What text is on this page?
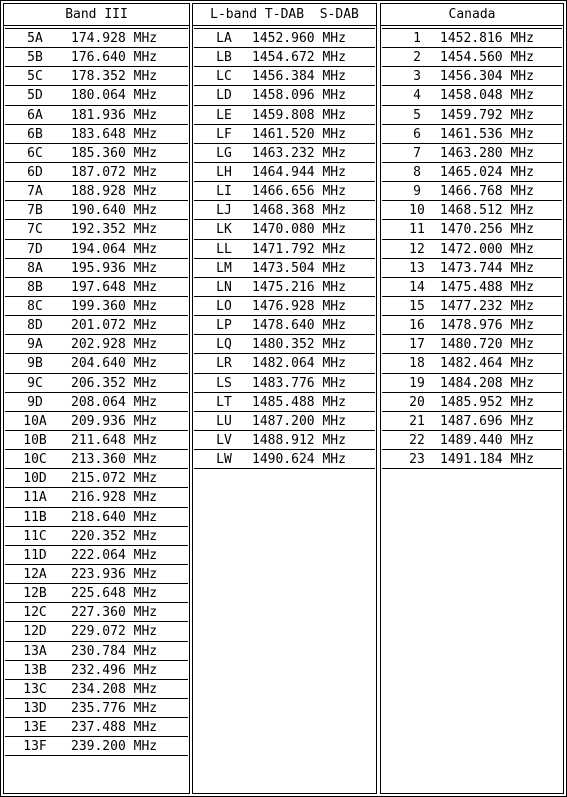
Band III
5A	174.928 MHz
5B	176.640 MHz
5C	178.352 MHz
5D	180.064 MHz
6A	181.936 MHz
6B	183.648 MHz
6C	185.360 MHz
6D	187.072 MHz
7A	188.928 MHz
7B	190.640 MHz
7C	192.352 MHz
7D	194.064 MHz
8A	195.936 MHz
8B	197.648 MHz
8C	199.360 MHz
8D	201.072 MHz
9A	202.928 MHz
9B	204.640 MHz
9C	206.352 MHz
9D	208.064 MHz
10A	209.936 MHz
10B	211.648 MHz
10C	213.360 MHz
10D	215.072 MHz
11A	216.928 MHz
11B	218.640 MHz
11C	220.352 MHz
11D	222.064 MHz
12A	223.936 MHz
12B	225.648 MHz
12C	227.360 MHz
12D	229.072 MHz
13A	230.784 MHz
13B	232.496 MHz
13C	234.208 MHz
13D	235.776 MHz
13E	237.488 MHz
13F	239.200 MHz
L-band T-DAB  S-DAB
LA	1452.960 MHz
LB	1454.672 MHz
LC	1456.384 MHz
LD	1458.096 MHz
LE	1459.808 MHz
LF	1461.520 MHz
LG	1463.232 MHz
LH	1464.944 MHz
LI	1466.656 MHz
LJ	1468.368 MHz
LK	1470.080 MHz
LL	1471.792 MHz
LM	1473.504 MHz
LN	1475.216 MHz
LO	1476.928 MHz
LP	1478.640 MHz
LQ	1480.352 MHz
LR	1482.064 MHz
LS	1483.776 MHz
LT	1485.488 MHz
LU	1487.200 MHz
LV	1488.912 MHz
LW	1490.624 MHz
Canada
1	1452.816 MHz
2	1454.560 MHz
3	1456.304 MHz
4	1458.048 MHz
5	1459.792 MHz
6	1461.536 MHz
7	1463.280 MHz
8	1465.024 MHz
9	1466.768 MHz
10	1468.512 MHz
11	1470.256 MHz
12	1472.000 MHz
13	1473.744 MHz
14	1475.488 MHz
15	1477.232 MHz
16	1478.976 MHz
17	1480.720 MHz
18	1482.464 MHz
19	1484.208 MHz
20	1485.952 MHz
21	1487.696 MHz
22	1489.440 MHz
23	1491.184 MHz
